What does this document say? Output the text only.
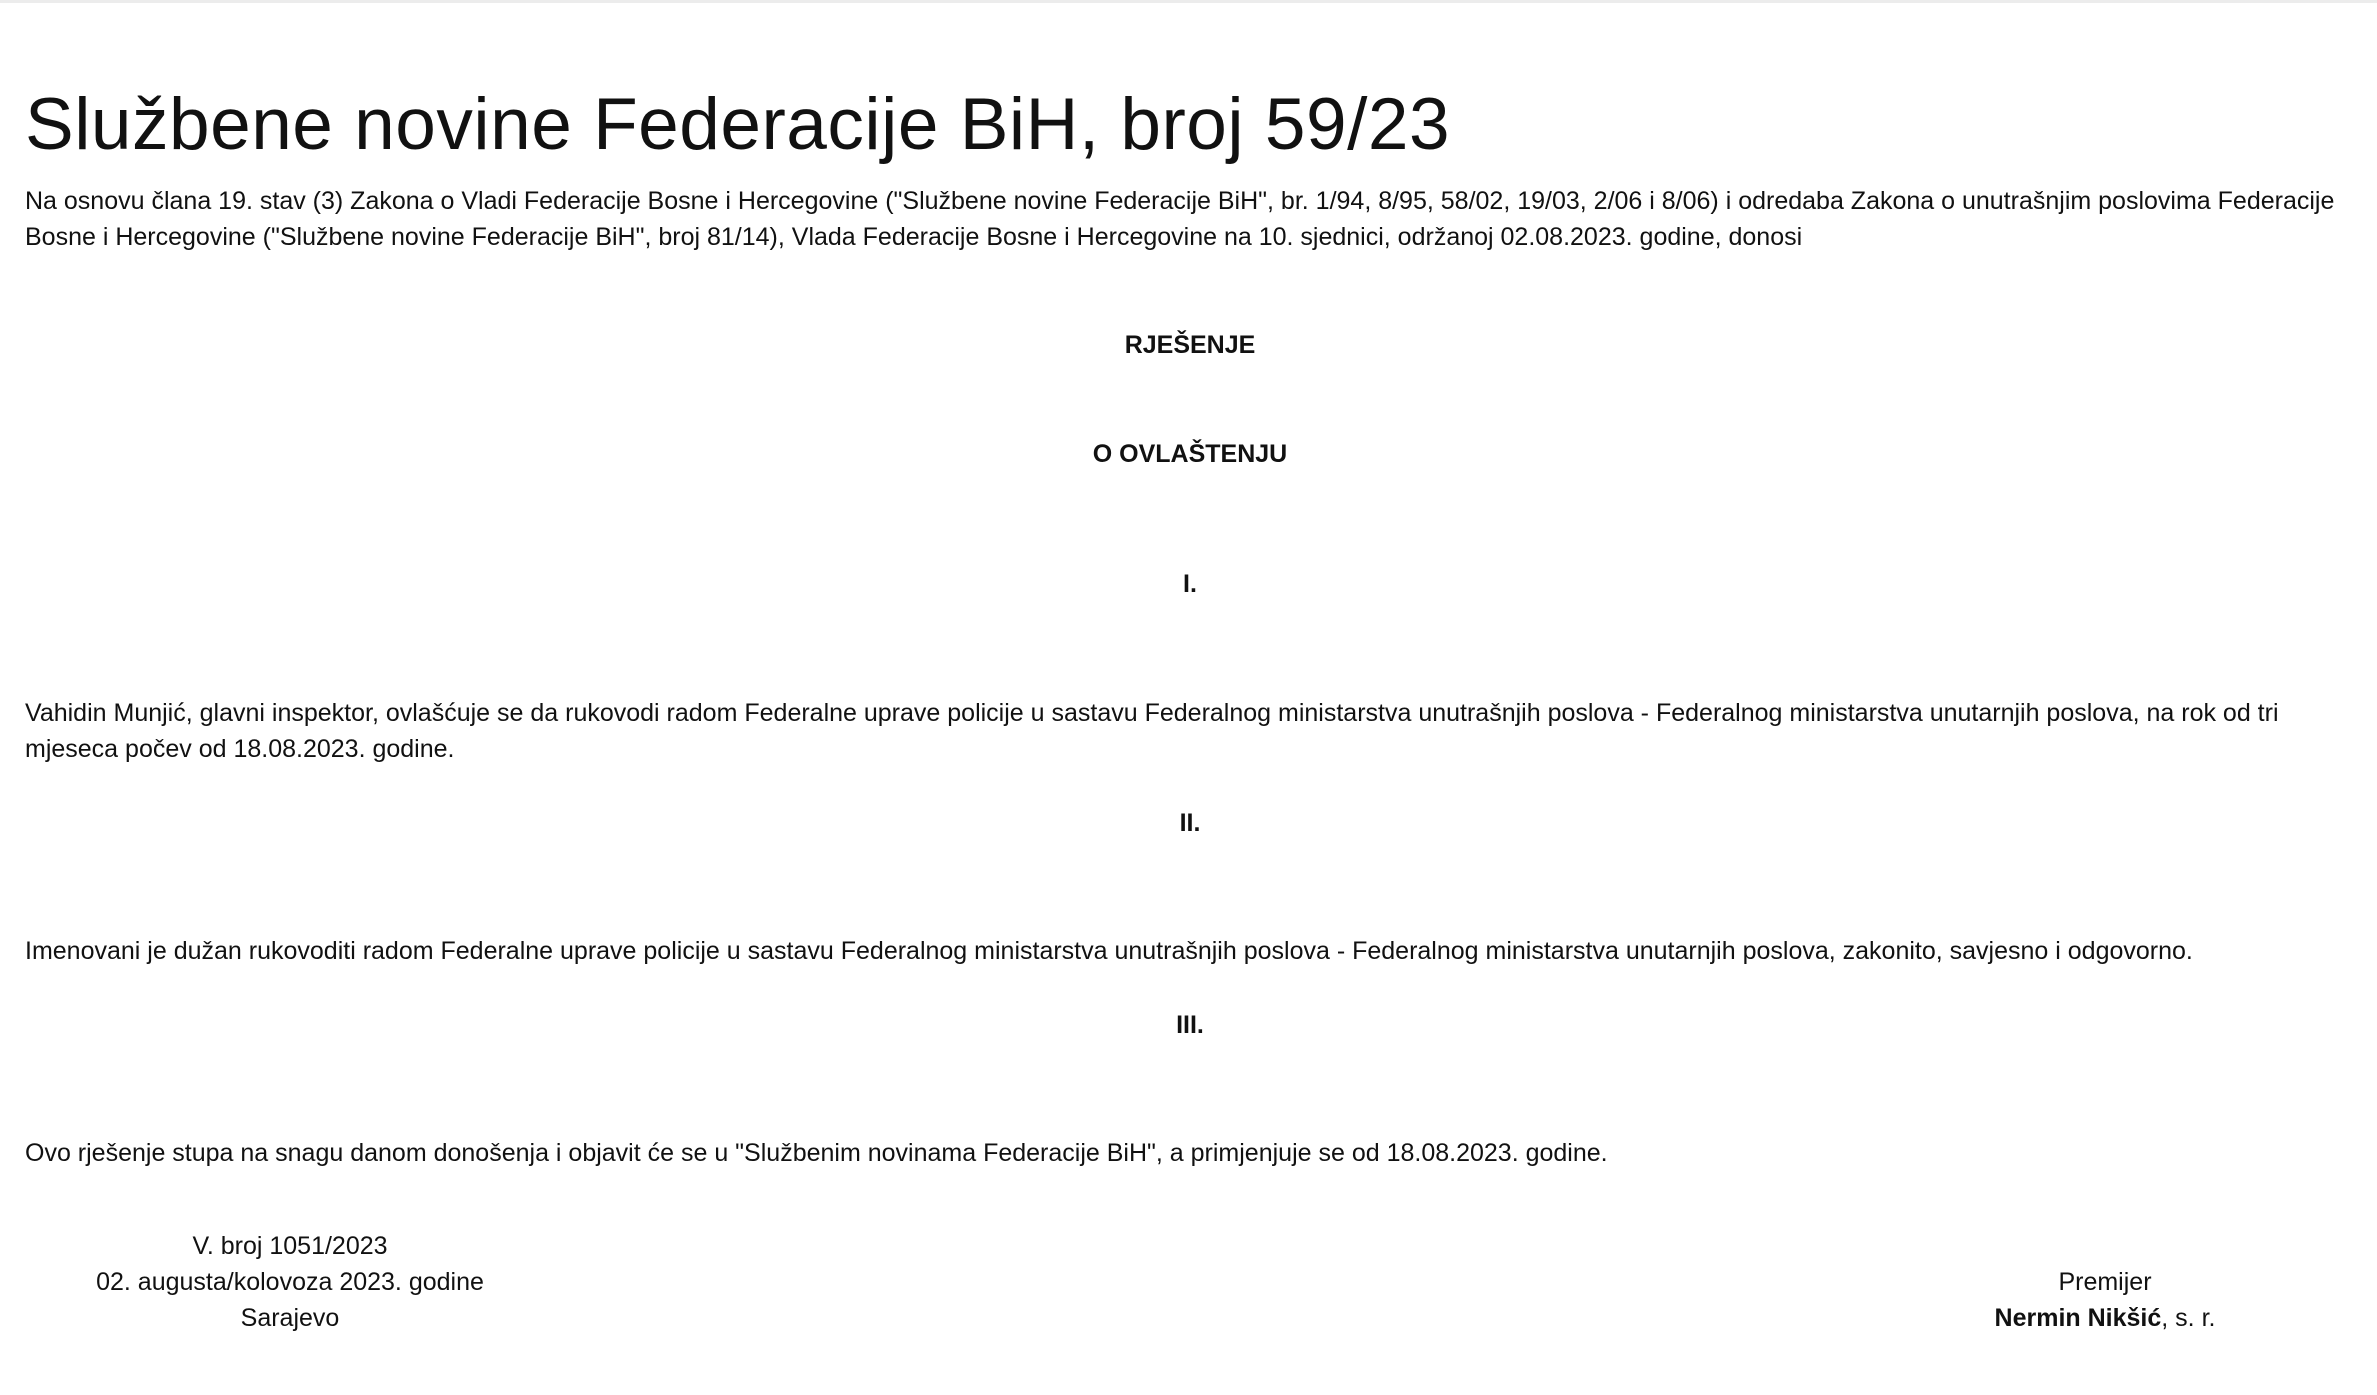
Službene novine Federacije BiH, broj 59/23

Na osnovu člana 19. stav (3) Zakona o Vladi Federacije Bosne i Hercegovine ("Službene novine Federacije BiH", br. 1/94, 8/95, 58/02, 19/03, 2/06 i 8/06) i odredaba Zakona o unutrašnjim poslovima Federacije Bosne i Hercegovine ("Službene novine Federacije BiH", broj 81/14), Vlada Federacije Bosne i Hercegovine na 10. sjednici, održanoj 02.08.2023. godine, donosi

RJEŠENJE

O OVLAŠTENJU

I.

Vahidin Munjić, glavni inspektor, ovlašćuje se da rukovodi radom Federalne uprave policije u sastavu Federalnog ministarstva unutrašnjih poslova - Federalnog ministarstva unutarnjih poslova, na rok od tri mjeseca počev od 18.08.2023. godine.

II.

Imenovani je dužan rukovoditi radom Federalne uprave policije u sastavu Federalnog ministarstva unutrašnjih poslova - Federalnog ministarstva unutarnjih poslova, zakonito, savjesno i odgovorno.

III.

Ovo rješenje stupa na snagu danom donošenja i objavit će se u "Službenim novinama Federacije BiH", a primjenjuje se od 18.08.2023. godine.

V. broj 1051/2023
02. augusta/kolovoza 2023. godine
Sarajevo
Premijer
Nermin Nikšić, s. r.
